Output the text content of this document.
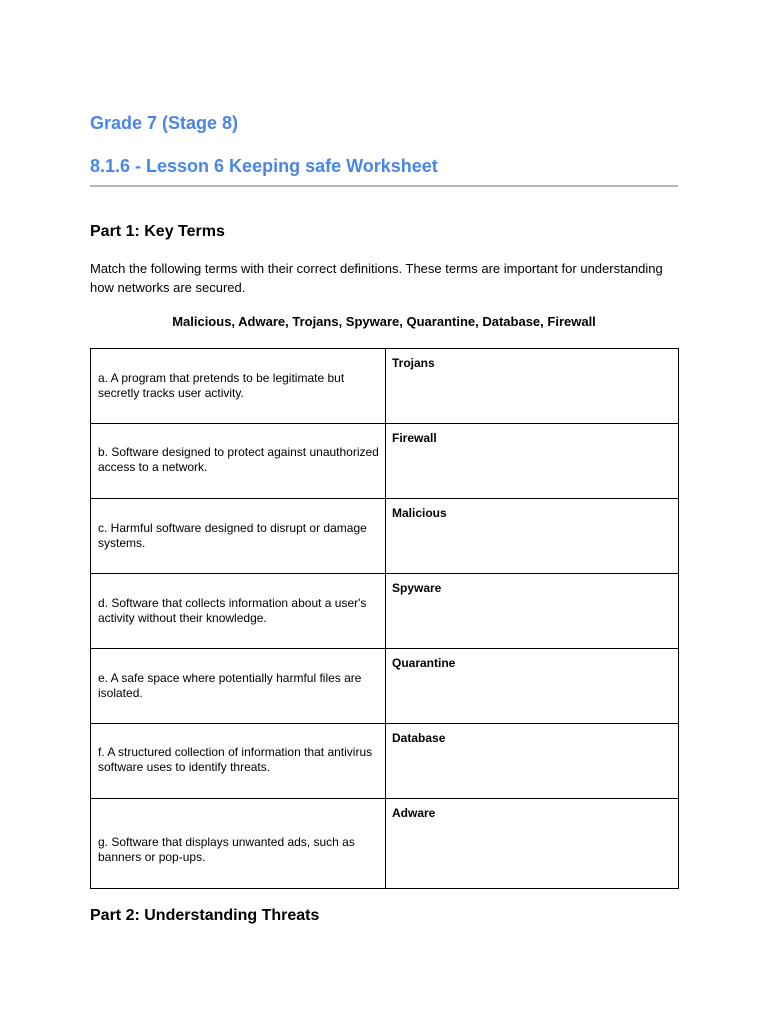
Grade 7 (Stage 8)
8.1.6 - Lesson 6 Keeping safe Worksheet
Part 1: Key Terms

Match the following terms with their correct definitions. These terms are important for understanding how networks are secured.

Malicious, Adware, Trojans, Spyware, Quarantine, Database, Firewall

a. A program that pretends to be legitimate but secretly tracks user activity.	Trojans

b. Software designed to protect against unauthorized access to a network.	Firewall

c. Harmful software designed to disrupt or damage systems.	Malicious

d. Software that collects information about a user's activity without their knowledge.	Spyware

e. A safe space where potentially harmful files are isolated.	Quarantine

f. A structured collection of information that antivirus software uses to identify threats.	Database

g. Software that displays unwanted ads, such as banners or pop-ups.	Adware
Part 2: Understanding Threats
